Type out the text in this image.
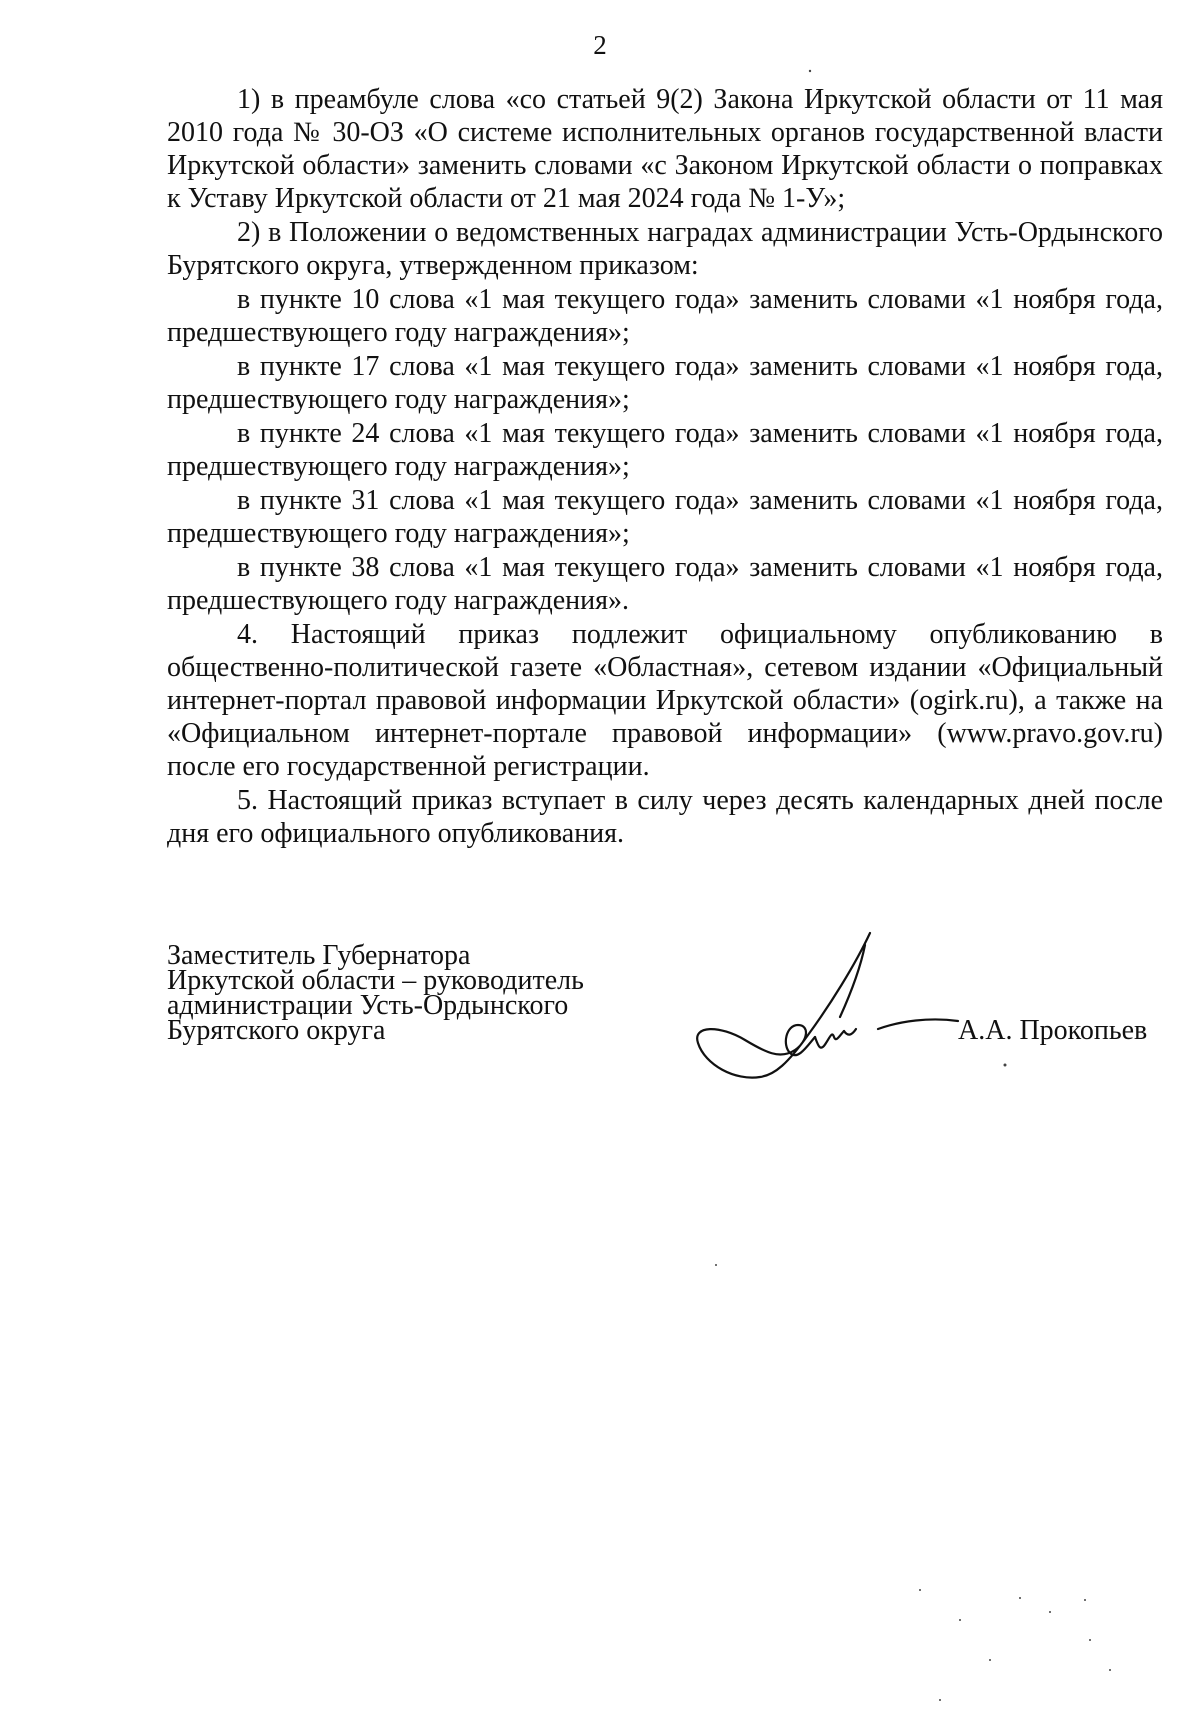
2

1) в преамбуле слова «со статьей 9(2) Закона Иркутской области от 11 мая 2010 года № 30-ОЗ «О системе исполнительных органов государственной власти Иркутской области» заменить словами «с Законом Иркутской области о поправках к Уставу Иркутской области от 21 мая 2024 года № 1-У»;

2) в Положении о ведомственных наградах администрации Усть-Ордынского Бурятского округа, утвержденном приказом:

в пункте 10 слова «1 мая текущего года» заменить словами «1 ноября года, предшествующего году награждения»;

в пункте 17 слова «1 мая текущего года» заменить словами «1 ноября года, предшествующего году награждения»;

в пункте 24 слова «1 мая текущего года» заменить словами «1 ноября года, предшествующего году награждения»;

в пункте 31 слова «1 мая текущего года» заменить словами «1 ноября года, предшествующего году награждения»;

в пункте 38 слова «1 мая текущего года» заменить словами «1 ноября года, предшествующего году награждения».

4. Настоящий приказ подлежит официальному опубликованию в общественно-политической газете «Областная», сетевом издании «Официальный интернет-портал правовой информации Иркутской области» (ogirk.ru), а также на «Официальном интернет-портале правовой информации» (www.pravo.gov.ru) после его государственной регистрации.

5. Настоящий приказ вступает в силу через десять календарных дней после дня его официального опубликования.

Заместитель Губернатора
Иркутской области – руководитель
администрации Усть-Ордынского
Бурятского округа	А.А. Прокопьев
